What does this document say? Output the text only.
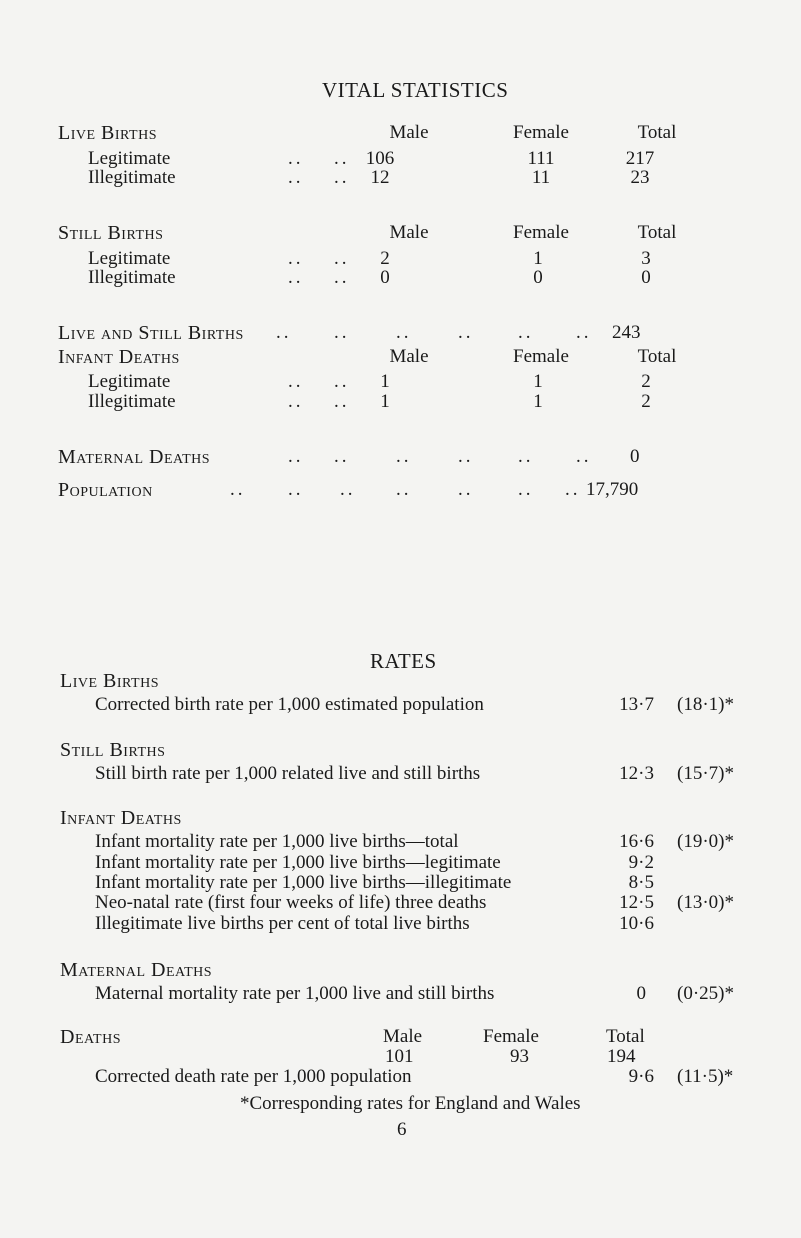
VITAL STATISTICS
Live Births	Male	Female	Total
Legitimate	.. .. 106	111	217
Illegitimate	.. .. 12	11	23
Still Births	Male	Female	Total
Legitimate	.. .. 2	1	3
Illegitimate	.. .. 0	0	0
Live and Still Births .. .. .. .. .. .. 243
Infant Deaths	Male	Female	Total
Legitimate	.. .. 1	1	2
Illegitimate	.. .. 1	1	2
Maternal Deaths	.. .. .. .. .. .. 0
Population	.. .. .. .. .. .. .. 17,790
RATES
Live Births
Corrected birth rate per 1,000 estimated population	13·7 (18·1)*
Still Births
Still birth rate per 1,000 related live and still births	12·3 (15·7)*
Infant Deaths
Infant mortality rate per 1,000 live births—total	16·6 (19·0)*
Infant mortality rate per 1,000 live births—legitimate	9·2
Infant mortality rate per 1,000 live births—illegitimate	8·5
Neo-natal rate (first four weeks of life) three deaths	12·5 (13·0)*
Illegitimate live births per cent of total live births	10·6
Maternal Deaths
Maternal mortality rate per 1,000 live and still births	0 (0·25)*
Deaths	Male	Female	Total
101	93	194
Corrected death rate per 1,000 population	9·6 (11·5)*
*Corresponding rates for England and Wales
6
